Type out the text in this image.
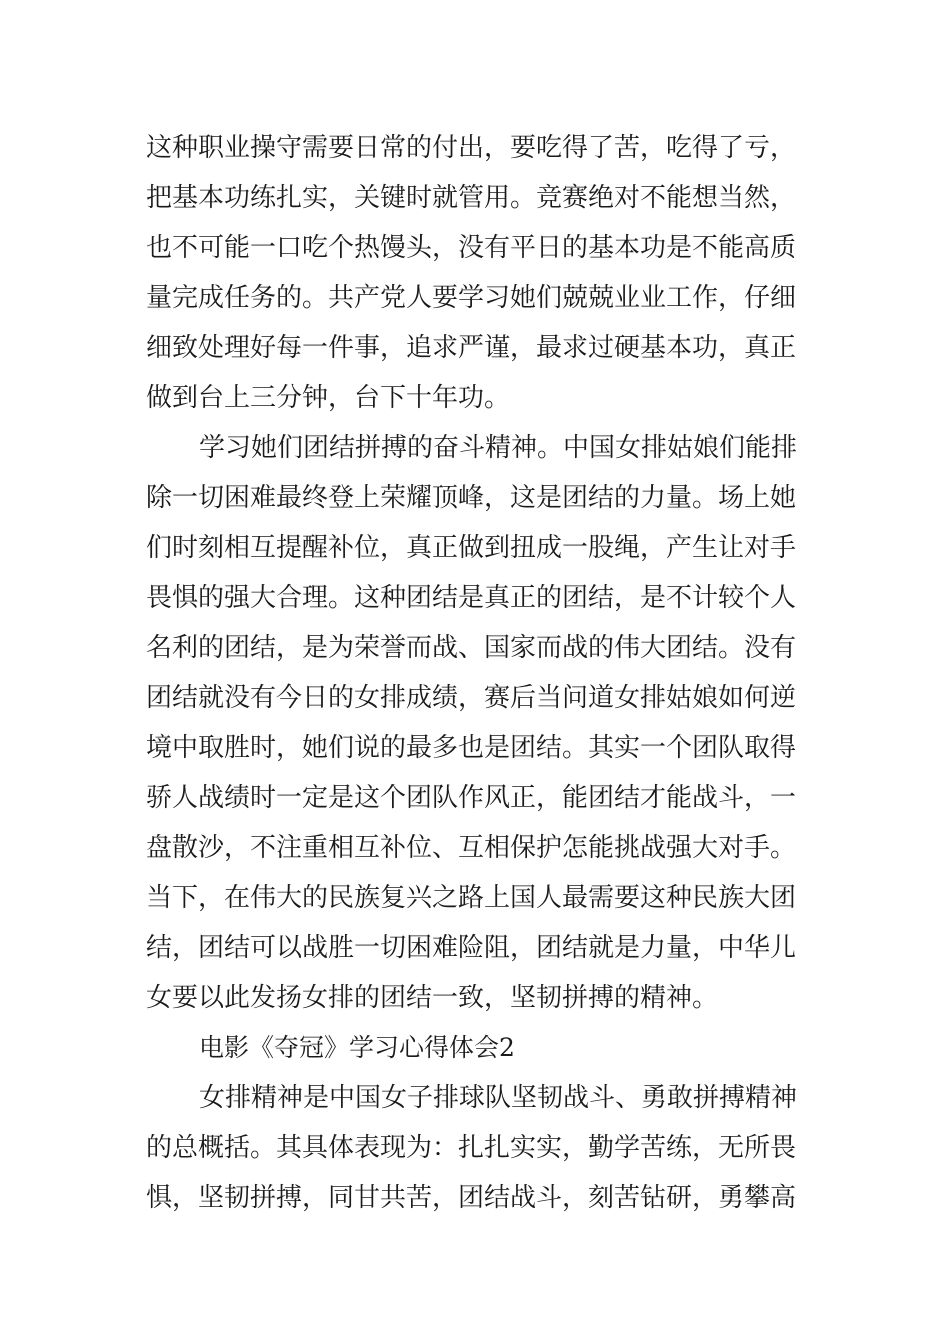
这种职业操守需要日常的付出，要吃得了苦，吃得了亏，
把基本功练扎实，关键时就管用。竞赛绝对不能想当然，
也不可能一口吃个热馒头，没有平日的基本功是不能高质
量完成任务的。共产党人要学习她们兢兢业业工作，仔细
细致处理好每一件事，追求严谨，最求过硬基本功，真正
做到台上三分钟，台下十年功。
学习她们团结拼搏的奋斗精神。中国女排姑娘们能排
除一切困难最终登上荣耀顶峰，这是团结的力量。场上她
们时刻相互提醒补位，真正做到扭成一股绳，产生让对手
畏惧的强大合理。这种团结是真正的团结，是不计较个人
名利的团结，是为荣誉而战、国家而战的伟大团结。没有
团结就没有今日的女排成绩，赛后当问道女排姑娘如何逆
境中取胜时，她们说的最多也是团结。其实一个团队取得
骄人战绩时一定是这个团队作风正，能团结才能战斗，一
盘散沙，不注重相互补位、互相保护怎能挑战强大对手。
当下，在伟大的民族复兴之路上国人最需要这种民族大团
结，团结可以战胜一切困难险阻，团结就是力量，中华儿
女要以此发扬女排的团结一致，坚韧拼搏的精神。
电影《夺冠》学习心得体会2
女排精神是中国女子排球队坚韧战斗、勇敢拼搏精神
的总概括。其具体表现为：扎扎实实，勤学苦练，无所畏
惧，坚韧拼搏，同甘共苦，团结战斗，刻苦钻研，勇攀高
